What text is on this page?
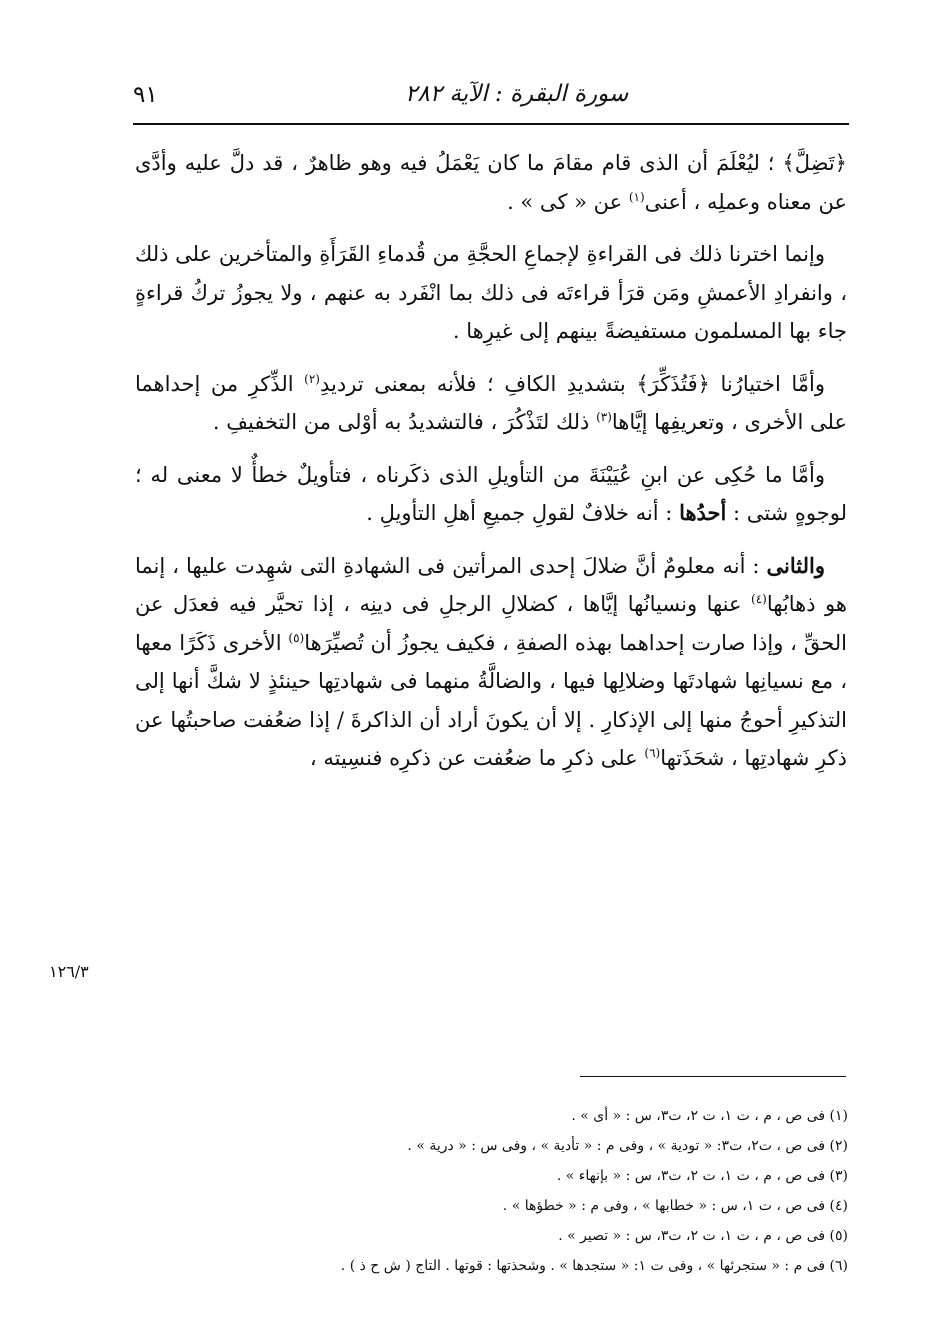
٩١	سورة البقرة : الآية ٢٨٢

﴿تَضِلَّ﴾ ؛ ليُعْلَمَ أن الذى قام مقامَ ما كان يَعْمَلُ فيه وهو ظاهرٌ ، قد دلَّ عليه وأدَّى عن معناه وعملِه ، أعنى$^{(١)}$ عن « كى » .

وإنما اخترنا ذلك فى القراءةِ لإجماعِ الحجَّةِ من قُدماءِ القَرَأَةِ والمتأخرين على ذلك ، وانفرادِ الأعمشِ ومَن قرَأ قراءتَه فى ذلك بما انْفَرد به عنهم ، ولا يجوزُ تركُ قراءةٍ جاء بها المسلمون مستفيضةً بينهم إلى غيرِها .

وأمَّا اختيارُنا ﴿فَتُذَكِّرَ﴾ بتشديدِ الكافِ ؛ فلأنه بمعنى ترديدِ$^{(٢)}$ الذِّكرِ من إحداهما على الأخرى ، وتعريفِها إيَّاها$^{(٣)}$ ذلك لتَذْكُرَ ، فالتشديدُ به أوْلى من التخفيفِ .

وأمَّا ما حُكِى عن ابنِ عُيَيْنَةَ من التأويلِ الذى ذكَرناه ، فتأويلٌ خطأٌ لا معنى له ؛ لوجوهٍ شتى : أحدُها : أنه خلافٌ لقولِ جميعِ أهلِ التأويلِ .

والثانى : أنه معلومٌ أنَّ ضلالَ إحدى المرأتين فى الشهادةِ التى شهِدت عليها ، إنما هو ذهابُها$^{(٤)}$ عنها ونسيانُها إيَّاها ، كضلالِ الرجلِ فى دينِه ، إذا تحيَّر فيه فعدَل عن الحقِّ ، وإذا صارت إحداهما بهذه الصفةِ ، فكيف يجوزُ أن تُصيِّرَها$^{(٥)}$ الأخرى ذَكَرًا معها ، مع نسيانِها شهادتَها وضلالِها فيها ، والضالَّةُ منهما فى شهادتِها حينئذٍ لا شكَّ أنها إلى التذكيرِ أحوجُ منها إلى الإذكارِ . إلا أن يكونَ أراد أن الذاكرةَ / إذا ضعُفت صاحبتُها عن ذكرِ شهادتِها ، شحَذَتها$^{(٦)}$ على ذكرِ ما ضعُفت عن ذكرِه فنسِيته ،

١٢٦/٣
(١) فى ص ، م ، ت ١، ت ٢، ت٣، س : « أى » .
(٢) فى ص ، ت٢، ت٣: « تودية » ، وفى م : « تأدية » ، وفى س : « درية » .
(٣) فى ص ، م ، ت ١، ت ٢، ت٣، س : « بإنهاء » .
(٤) فى ص ، ت ١، س : « خطابها » ، وفى م : « خطؤها » .
(٥) فى ص ، م ، ت ١، ت ٢، ت٣، س : « تصير » .
(٦) فى م : « ستجرئها » ، وفى ت ١: « ستجدها » . وشحذتها : قوتها . التاج ( ش ح ذ ) .
